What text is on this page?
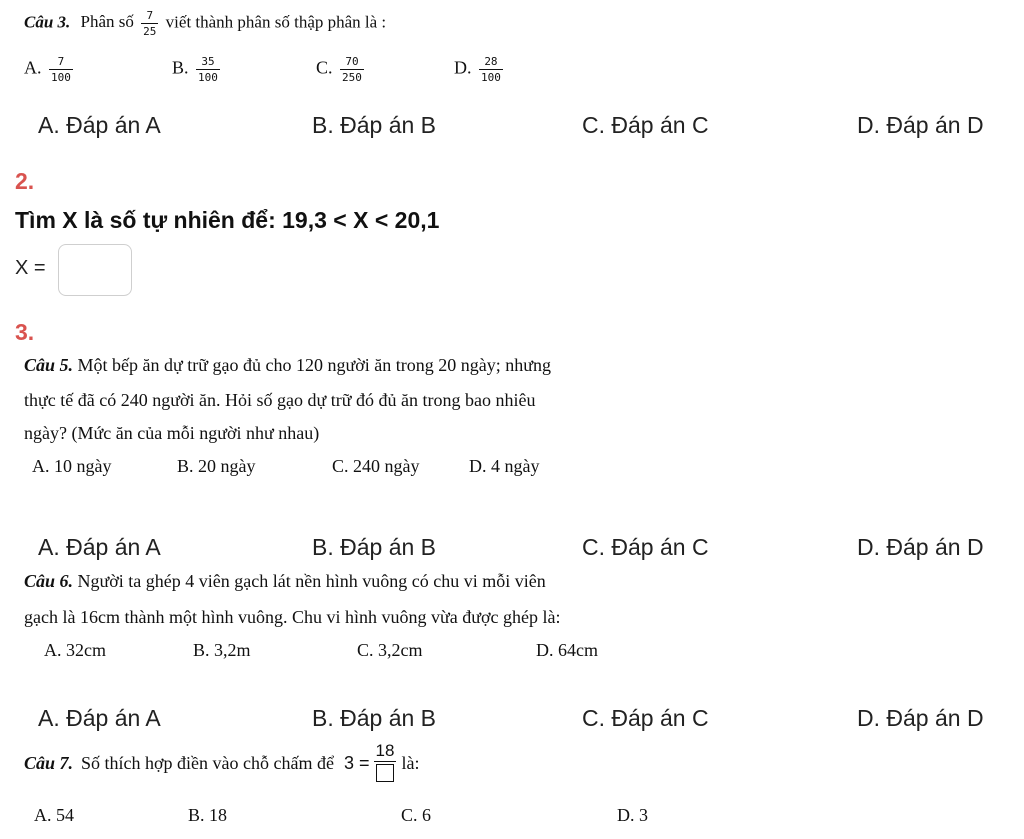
Câu 3. Phân số $\frac{7}{25}$ viết thành phân số thập phân là :
A. $\frac{7}{100}$	B. $\frac{35}{100}$	C. $\frac{70}{250}$	D. $\frac{28}{100}$
A. Đáp án A	B. Đáp án B	C. Đáp án C	D. Đáp án D
2.
Tìm X là số tự nhiên để: 19,3 < X < 20,1
X =
3.
Câu 5. Một bếp ăn dự trữ gạo đủ cho 120 người ăn trong 20 ngày; nhưng
thực tế đã có 240 người ăn. Hỏi số gạo dự trữ đó đủ ăn trong bao nhiêu
ngày? (Mức ăn của mỗi người như nhau)
A. 10 ngày	B. 20 ngày	C. 240 ngày	D. 4 ngày
A. Đáp án A	B. Đáp án B	C. Đáp án C	D. Đáp án D
Câu 6. Người ta ghép 4 viên gạch lát nền hình vuông có chu vi mỗi viên
gạch là 16cm thành một hình vuông. Chu vi hình vuông vừa được ghép là:
A. 32cm	B. 3,2m	C. 3,2cm	D. 64cm
A. Đáp án A	B. Đáp án B	C. Đáp án C	D. Đáp án D
Câu 7. Số thích hợp điền vào chỗ chấm để 3 =
18
là:
A. 54	B. 18	C. 6	D. 3
